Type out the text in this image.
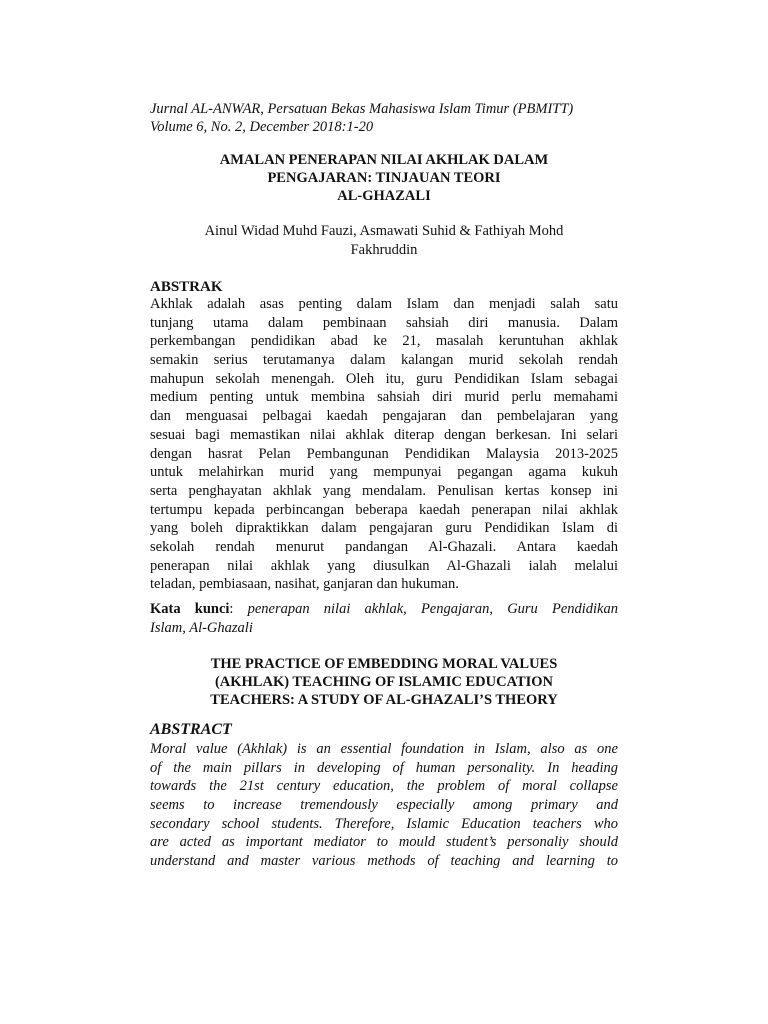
Jurnal AL-ANWAR, Persatuan Bekas Mahasiswa Islam Timur (PBMITT)
Volume 6, No. 2, December 2018:1-20
AMALAN PENERAPAN NILAI AKHLAK DALAM
PENGAJARAN: TINJAUAN TEORI
AL-GHAZALI
Ainul Widad Muhd Fauzi, Asmawati Suhid & Fathiyah Mohd
Fakhruddin
ABSTRAK
Akhlak adalah asas penting dalam Islam dan menjadi salah satu
tunjang utama dalam pembinaan sahsiah diri manusia. Dalam
perkembangan pendidikan abad ke 21, masalah keruntuhan akhlak
semakin serius terutamanya dalam kalangan murid sekolah rendah
mahupun sekolah menengah. Oleh itu, guru Pendidikan Islam sebagai
medium penting untuk membina sahsiah diri murid perlu memahami
dan menguasai pelbagai kaedah pengajaran dan pembelajaran yang
sesuai bagi memastikan nilai akhlak diterap dengan berkesan. Ini selari
dengan hasrat Pelan Pembangunan Pendidikan Malaysia 2013-2025
untuk melahirkan murid yang mempunyai pegangan agama kukuh
serta penghayatan akhlak yang mendalam. Penulisan kertas konsep ini
tertumpu kepada perbincangan beberapa kaedah penerapan nilai akhlak
yang boleh dipraktikkan dalam pengajaran guru Pendidikan Islam di
sekolah rendah menurut pandangan Al-Ghazali. Antara kaedah
penerapan nilai akhlak yang diusulkan Al-Ghazali ialah melalui
teladan, pembiasaan, nasihat, ganjaran dan hukuman.
Kata kunci: penerapan nilai akhlak, Pengajaran, Guru Pendidikan
Islam, Al-Ghazali
THE PRACTICE OF EMBEDDING MORAL VALUES
(AKHLAK) TEACHING OF ISLAMIC EDUCATION
TEACHERS: A STUDY OF AL-GHAZALI’S THEORY
ABSTRACT
Moral value (Akhlak) is an essential foundation in Islam, also as one
of the main pillars in developing of human personality. In heading
towards the 21st century education, the problem of moral collapse
seems to increase tremendously especially among primary and
secondary school students. Therefore, Islamic Education teachers who
are acted as important mediator to mould student’s personaliy should
understand and master various methods of teaching and learning to
